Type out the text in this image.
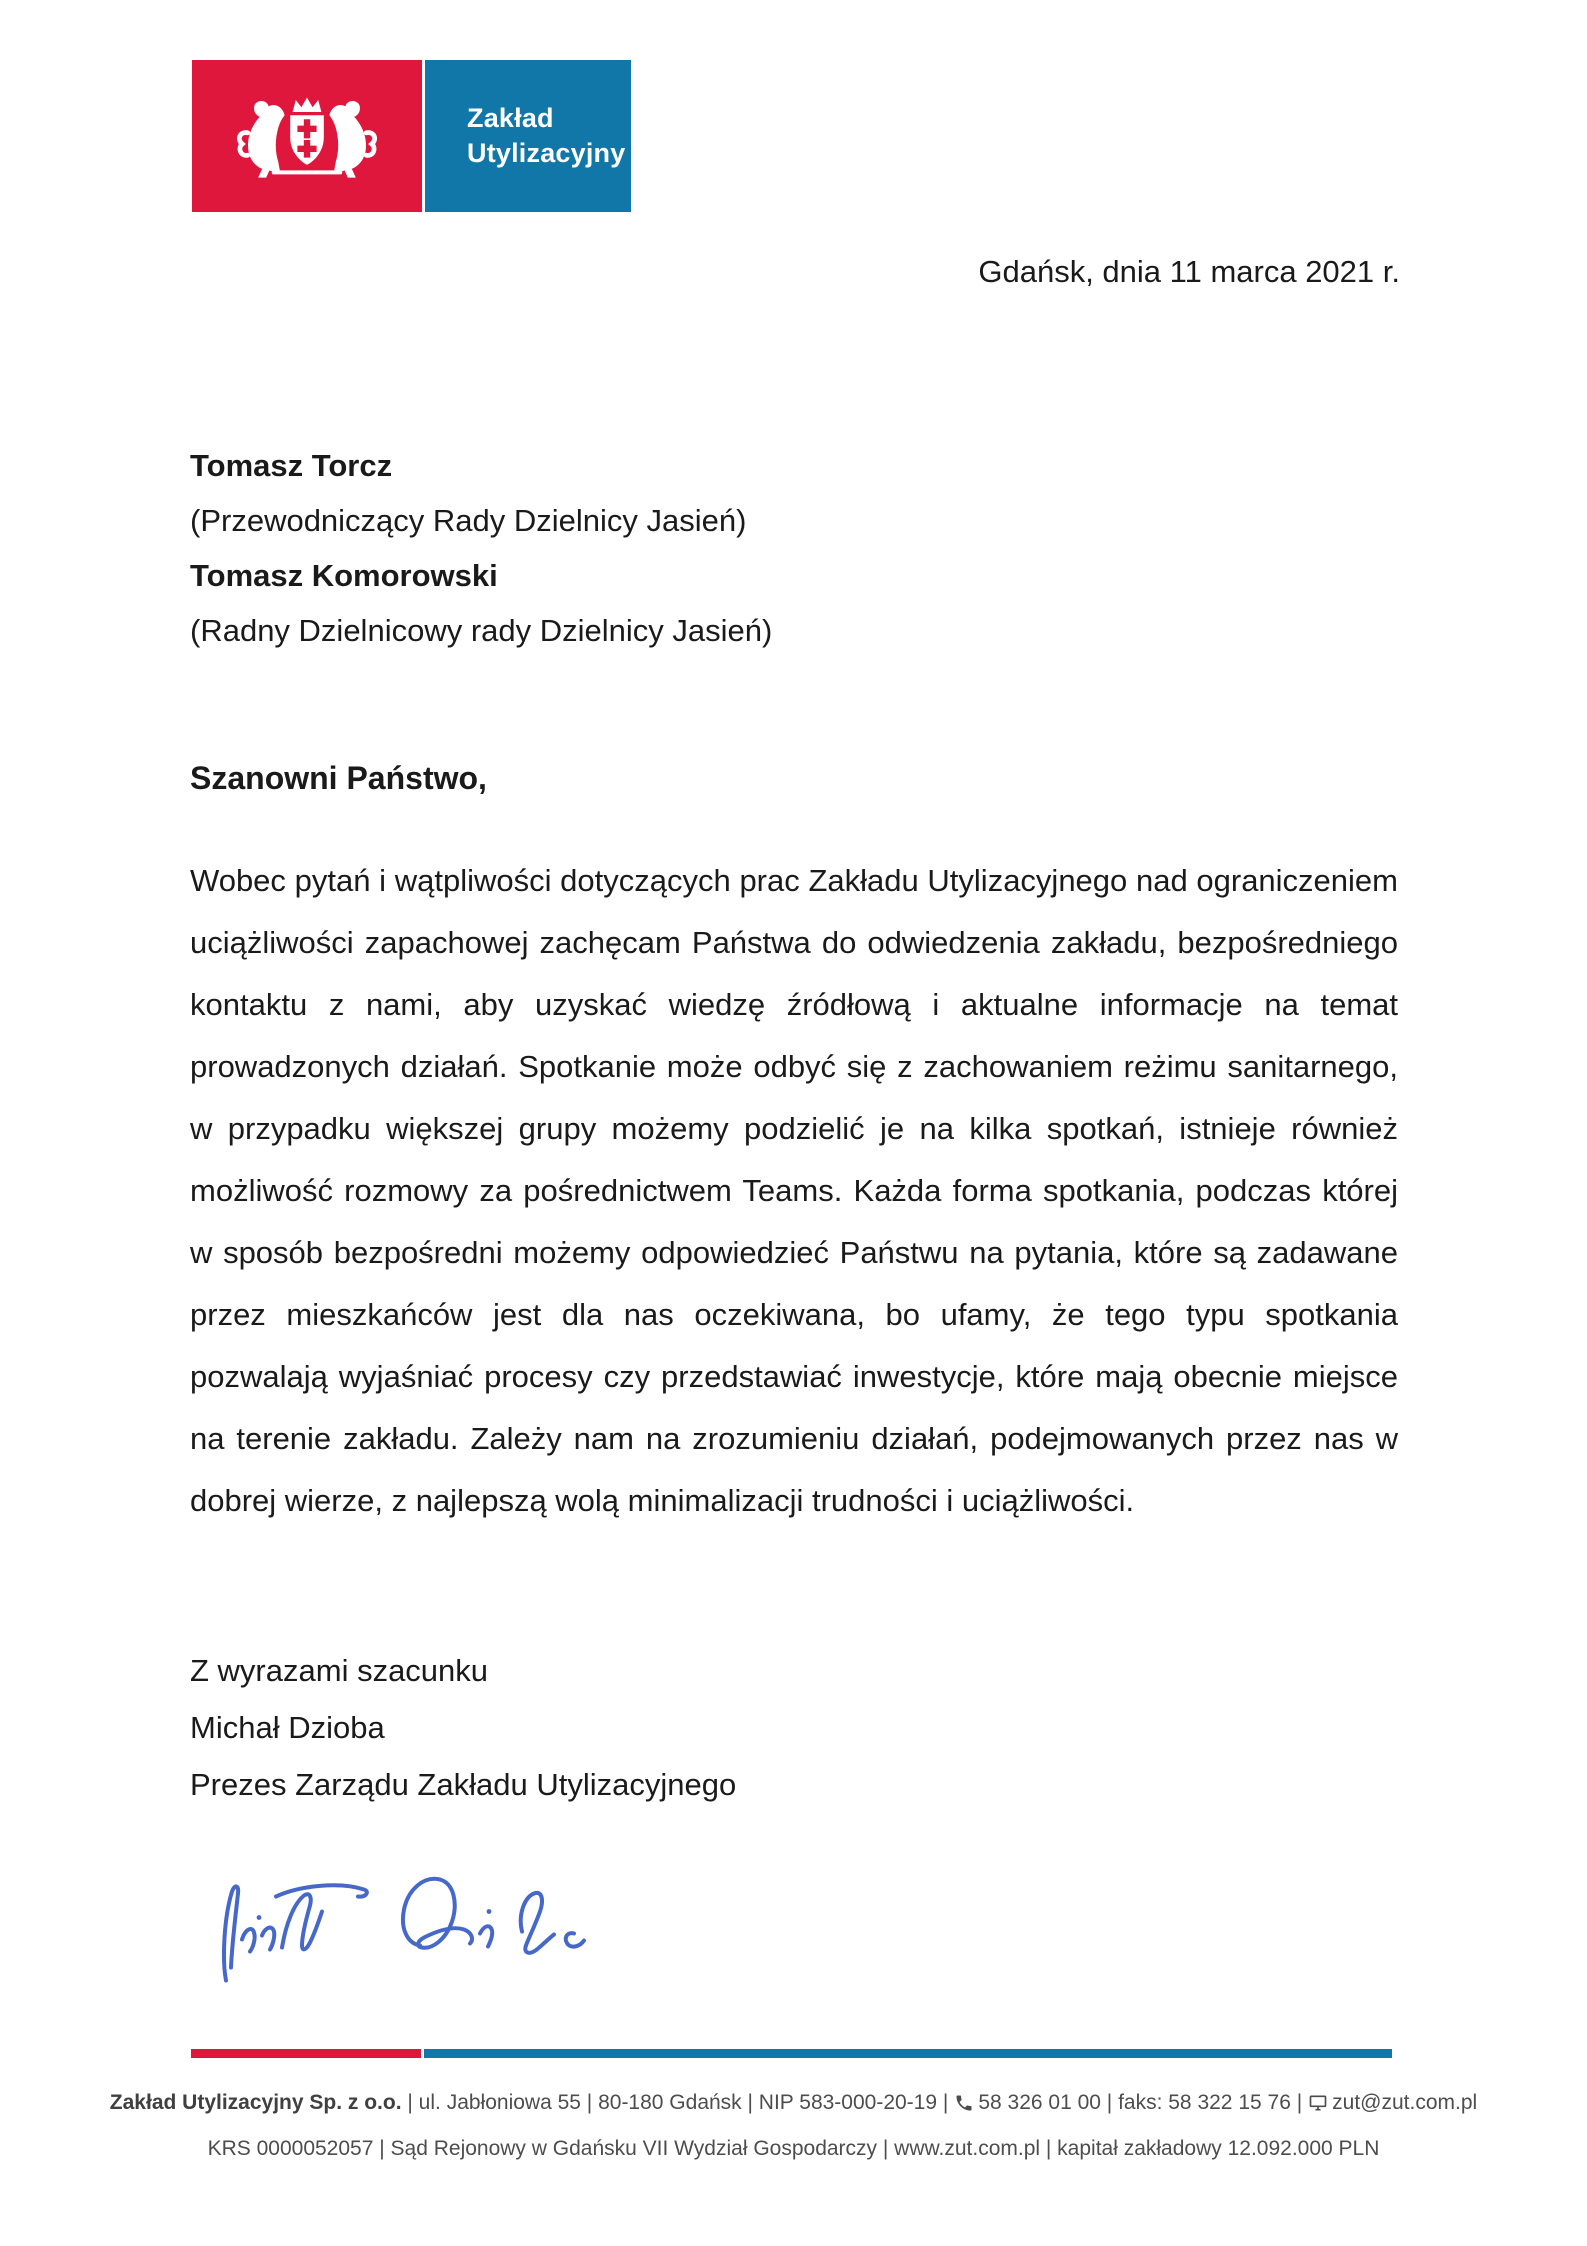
Zakład
Utylizacyjny
Gdańsk, dnia 11 marca 2021 r.
Tomasz Torcz
(Przewodniczący Rady Dzielnicy Jasień)
Tomasz Komorowski
(Radny Dzielnicowy rady Dzielnicy Jasień)
Szanowni Państwo,
Wobec pytań i wątpliwości dotyczących prac Zakładu Utylizacyjnego nad ograniczeniem uciążliwości zapachowej zachęcam Państwa do odwiedzenia zakładu, bezpośredniego kontaktu z nami, aby uzyskać wiedzę źródłową i aktualne informacje na temat prowadzonych działań. Spotkanie może odbyć się z zachowaniem reżimu sanitarnego, w przypadku większej grupy możemy podzielić je na kilka spotkań, istnieje również możliwość rozmowy za pośrednictwem Teams. Każda forma spotkania, podczas której w sposób bezpośredni możemy odpowiedzieć Państwu na pytania, które są zadawane przez mieszkańców jest dla nas oczekiwana, bo ufamy, że tego typu spotkania pozwalają wyjaśniać procesy czy przedstawiać inwestycje, które mają obecnie miejsce na terenie zakładu. Zależy nam na zrozumieniu działań, podejmowanych przez nas w dobrej wierze, z najlepszą wolą minimalizacji trudności i uciążliwości.
Z wyrazami szacunku
Michał Dzioba
Prezes Zarządu Zakładu Utylizacyjnego
Zakład Utylizacyjny Sp. z o.o. | ul. Jabłoniowa 55 | 80-180 Gdańsk | NIP 583-000-20-19 | 58 326 01 00 | faks: 58 322 15 76 | zut@zut.com.pl
KRS 0000052057 | Sąd Rejonowy w Gdańsku VII Wydział Gospodarczy | www.zut.com.pl | kapitał zakładowy 12.092.000 PLN
